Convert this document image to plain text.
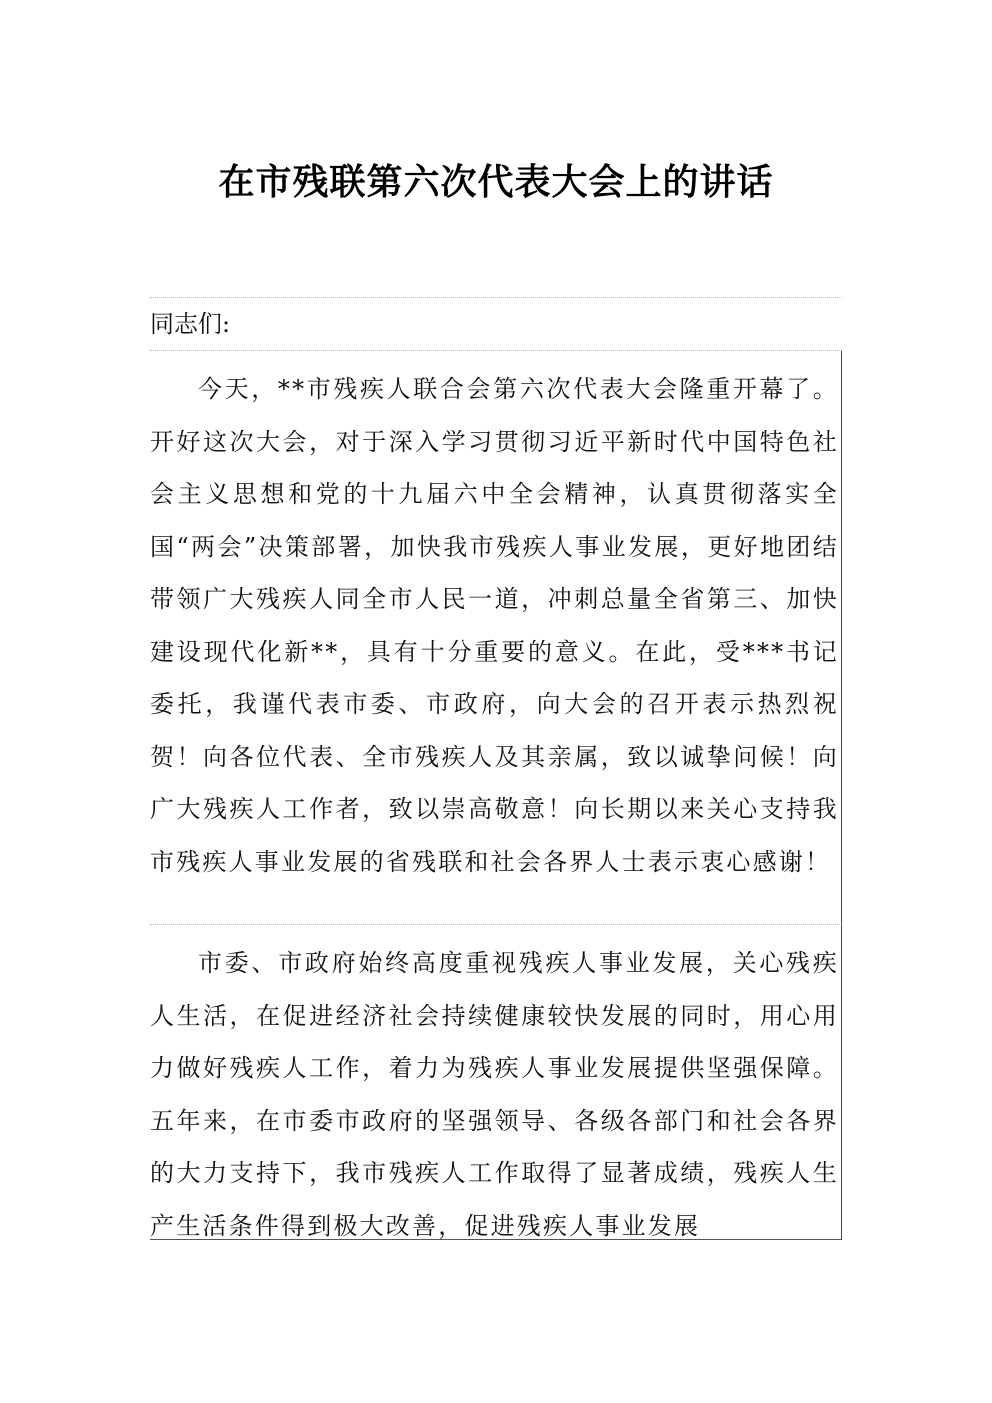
在市残联第六次代表大会上的讲话
同志们:
今天，**市残疾人联合会第六次代表大会隆重开幕了。开好这次大会，对于深入学习贯彻习近平新时代中国特色社会主义思想和党的十九届六中全会精神，认真贯彻落实全国“两会”决策部署，加快我市残疾人事业发展，更好地团结带领广大残疾人同全市人民一道，冲刺总量全省第三、加快建设现代化新**，具有十分重要的意义。在此，受***书记委托，我谨代表市委、市政府，向大会的召开表示热烈祝贺！向各位代表、全市残疾人及其亲属，致以诚挚问候！向广大残疾人工作者，致以崇高敬意！向长期以来关心支持我市残疾人事业发展的省残联和社会各界人士表示衷心感谢！
市委、市政府始终高度重视残疾人事业发展，关心残疾人生活，在促进经济社会持续健康较快发展的同时，用心用力做好残疾人工作，着力为残疾人事业发展提供坚强保障。五年来，在市委市政府的坚强领导、各级各部门和社会各界的大力支持下，我市残疾人工作取得了显著成绩，残疾人生产生活条件得到极大改善，促进残疾人事业发展
